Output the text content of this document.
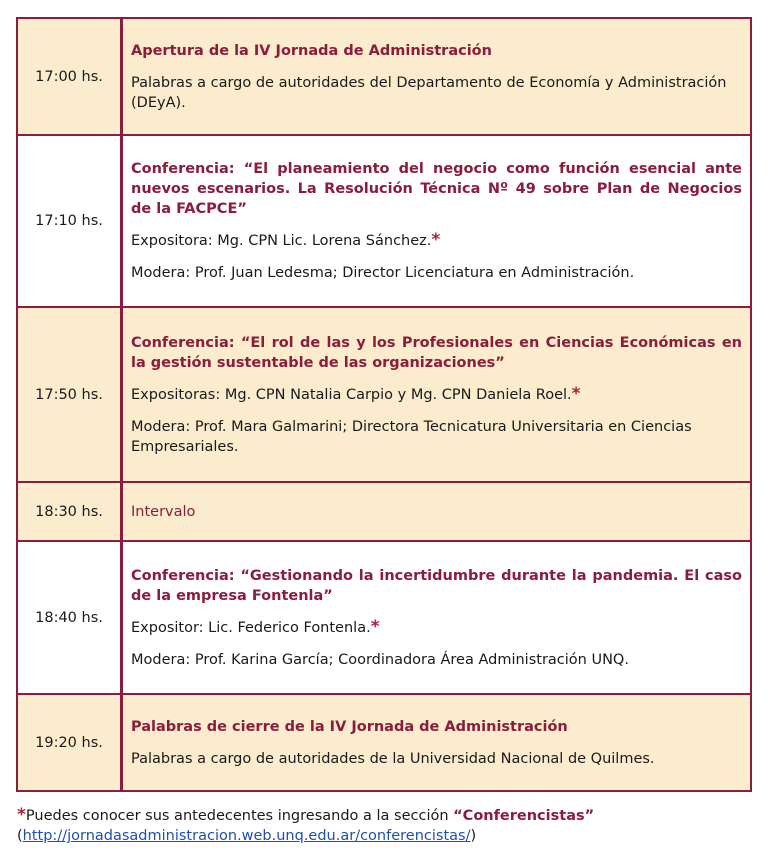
17:00 hs.	Apertura de la IV Jornada de Administración
Palabras a cargo de autoridades del Departamento de Economía y Administración (DEyA).

17:10 hs.	Conferencia: “El planeamiento del negocio como función esencial ante nuevos escenarios. La Resolución Técnica Nº 49 sobre Plan de Negocios de la FACPCE”
Expositora: Mg. CPN Lic. Lorena Sánchez.*
Modera: Prof. Juan Ledesma; Director Licenciatura en Administración.

17:50 hs.	Conferencia: “El rol de las y los Profesionales en Ciencias Económicas en la gestión sustentable de las organizaciones”
Expositoras: Mg. CPN Natalia Carpio y Mg. CPN Daniela Roel.*
Modera: Prof. Mara Galmarini; Directora Tecnicatura Universitaria en Ciencias Empresariales.

18:30 hs.	Intervalo

18:40 hs.	Conferencia: “Gestionando la incertidumbre durante la pandemia. El caso de la empresa Fontenla”
Expositor: Lic. Federico Fontenla.*
Modera: Prof. Karina García; Coordinadora Área Administración UNQ.

19:20 hs.	Palabras de cierre de la IV Jornada de Administración
Palabras a cargo de autoridades de la Universidad Nacional de Quilmes.
*Puedes conocer sus antedecentes ingresando a la sección “Conferencistas”
(http://jornadasadministracion.web.unq.edu.ar/conferencistas/)
